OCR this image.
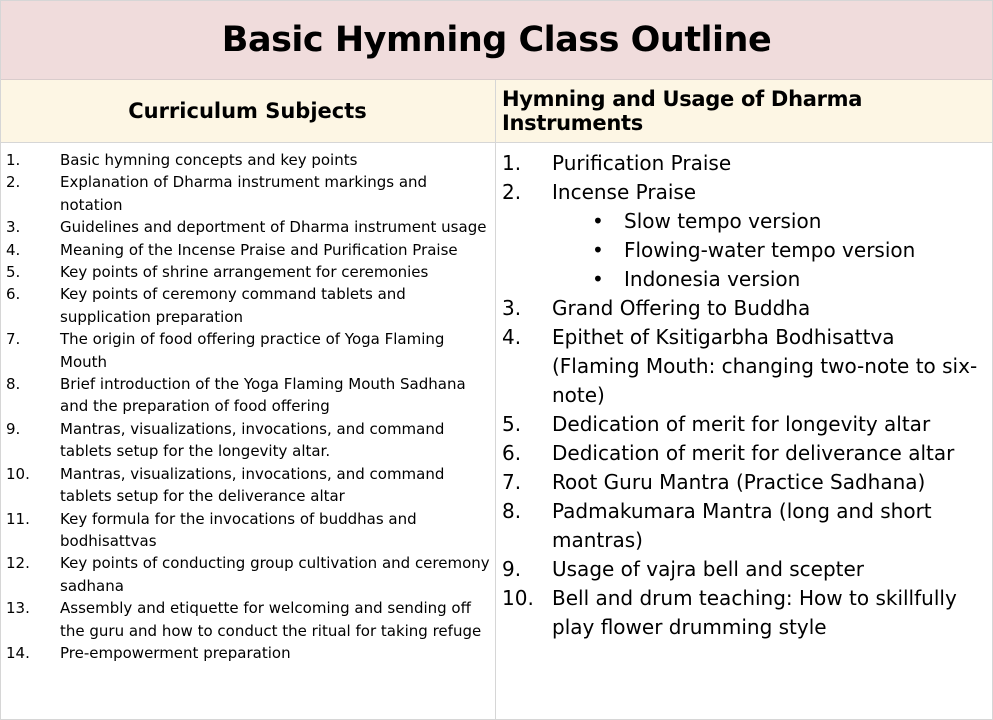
Basic Hymning Class Outline
Curriculum Subjects	Hymning and Usage of Dharma Instruments
1.	Basic hymning concepts and key points
2.	Explanation of Dharma instrument markings and notation
3.	Guidelines and deportment of Dharma instrument usage
4.	Meaning of the Incense Praise and Purification Praise
5.	Key points of shrine arrangement for ceremonies
6.	Key points of ceremony command tablets and supplication preparation
7.	The origin of food offering practice of Yoga Flaming Mouth
8.	Brief introduction of the Yoga Flaming Mouth Sadhana and the preparation of food offering
9.	Mantras, visualizations, invocations, and command tablets setup for the longevity altar.
10.	Mantras, visualizations, invocations, and command tablets setup for the deliverance altar
11.	Key formula for the invocations of buddhas and bodhisattvas
12.	Key points of conducting group cultivation and ceremony sadhana
13.	Assembly and etiquette for welcoming and sending off the guru and how to conduct the ritual for taking refuge
14.	Pre-empowerment preparation
1.	Purification Praise
2.	Incense Praise
•	Slow tempo version
•	Flowing-water tempo version
•	Indonesia version
3.	Grand Offering to Buddha
4.	Epithet of Ksitigarbha Bodhisattva (Flaming Mouth: changing two-note to six-note)
5.	Dedication of merit for longevity altar
6.	Dedication of merit for deliverance altar
7.	Root Guru Mantra (Practice Sadhana)
8.	Padmakumara Mantra (long and short mantras)
9.	Usage of vajra bell and scepter
10. Bell and drum teaching: How to skillfully play flower drumming style
